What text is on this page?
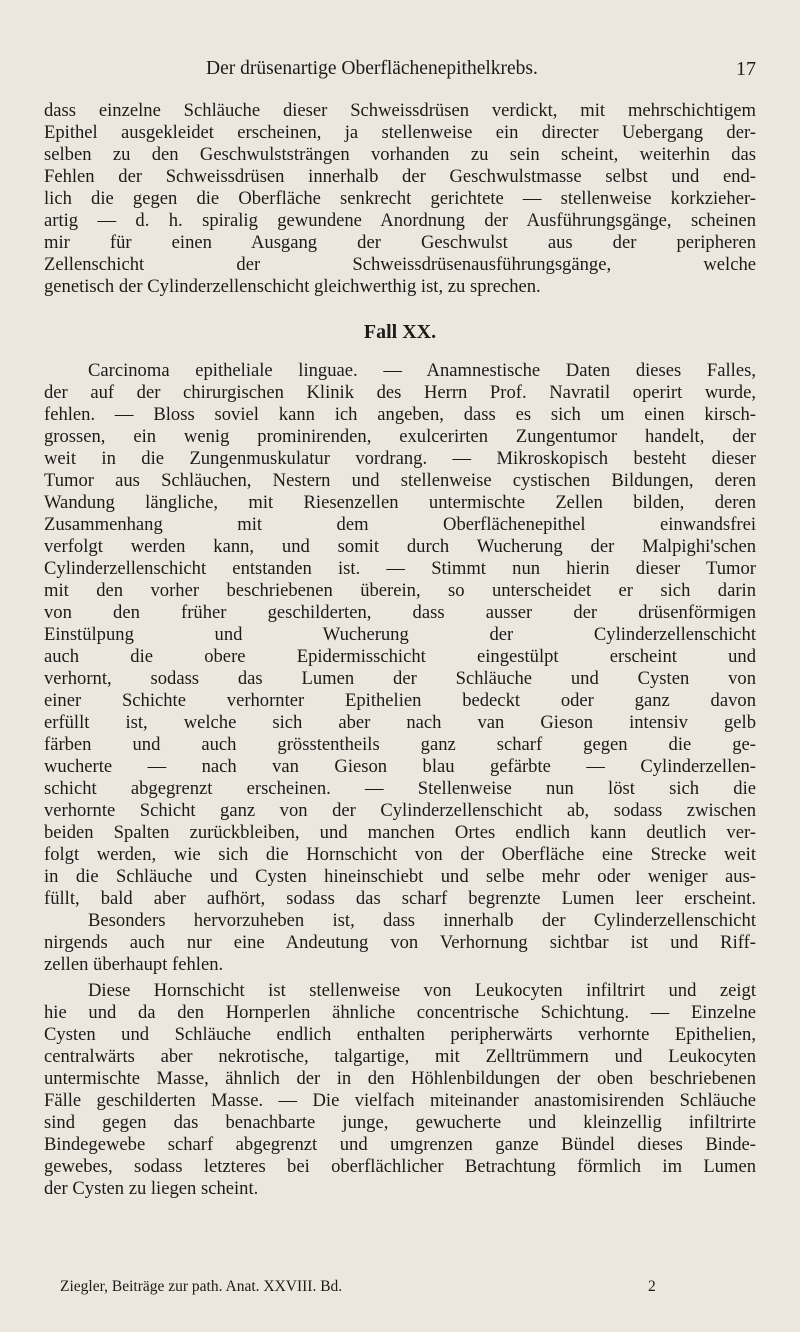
Der drüsenartige Oberflächenepithelkrebs.	17
dass einzelne Schläuche dieser Schweissdrüsen verdickt, mit mehrschichtigem
Epithel ausgekleidet erscheinen, ja stellenweise ein directer Uebergang der-
selben zu den Geschwulststrängen vorhanden zu sein scheint, weiterhin das
Fehlen der Schweissdrüsen innerhalb der Geschwulstmasse selbst und end-
lich die gegen die Oberfläche senkrecht gerichtete — stellenweise korkzieher-
artig — d. h. spiralig gewundene Anordnung der Ausführungsgänge, scheinen
mir für einen Ausgang der Geschwulst aus der peripheren
Zellenschicht der Schweissdrüsenausführungsgänge, welche
genetisch der Cylinderzellenschicht gleichwerthig ist, zu sprechen.
Fall XX.
Carcinoma epitheliale linguae. — Anamnestische Daten dieses Falles,
der auf der chirurgischen Klinik des Herrn Prof. Navratil operirt wurde,
fehlen. — Bloss soviel kann ich angeben, dass es sich um einen kirsch-
grossen, ein wenig prominirenden, exulcerirten Zungentumor handelt, der
weit in die Zungenmuskulatur vordrang. — Mikroskopisch besteht dieser
Tumor aus Schläuchen, Nestern und stellenweise cystischen Bildungen, deren
Wandung längliche, mit Riesenzellen untermischte Zellen bilden, deren
Zusammenhang mit dem Oberflächenepithel einwandsfrei
verfolgt werden kann, und somit durch Wucherung der Malpighi'schen
Cylinderzellenschicht entstanden ist. — Stimmt nun hierin dieser Tumor
mit den vorher beschriebenen überein, so unterscheidet er sich darin
von den früher geschilderten, dass ausser der drüsenförmigen
Einstülpung und Wucherung der Cylinderzellenschicht
auch die obere Epidermisschicht eingestülpt erscheint und
verhornt, sodass das Lumen der Schläuche und Cysten von
einer Schichte verhornter Epithelien bedeckt oder ganz davon
erfüllt ist, welche sich aber nach van Gieson intensiv gelb
färben und auch grösstentheils ganz scharf gegen die ge-
wucherte — nach van Gieson blau gefärbte — Cylinderzellen-
schicht abgegrenzt erscheinen. — Stellenweise nun löst sich die
verhornte Schicht ganz von der Cylinderzellenschicht ab, sodass zwischen
beiden Spalten zurückbleiben, und manchen Ortes endlich kann deutlich ver-
folgt werden, wie sich die Hornschicht von der Oberfläche eine Strecke weit
in die Schläuche und Cysten hineinschiebt und selbe mehr oder weniger aus-
füllt, bald aber aufhört, sodass das scharf begrenzte Lumen leer erscheint.
Besonders hervorzuheben ist, dass innerhalb der Cylinderzellenschicht
nirgends auch nur eine Andeutung von Verhornung sichtbar ist und Riff-
zellen überhaupt fehlen.
Diese Hornschicht ist stellenweise von Leukocyten infiltrirt und zeigt
hie und da den Hornperlen ähnliche concentrische Schichtung. — Einzelne
Cysten und Schläuche endlich enthalten peripherwärts verhornte Epithelien,
centralwärts aber nekrotische, talgartige, mit Zelltrümmern und Leukocyten
untermischte Masse, ähnlich der in den Höhlenbildungen der oben beschriebenen
Fälle geschilderten Masse. — Die vielfach miteinander anastomisirenden Schläuche
sind gegen das benachbarte junge, gewucherte und kleinzellig infiltrirte
Bindegewebe scharf abgegrenzt und umgrenzen ganze Bündel dieses Binde-
gewebes, sodass letzteres bei oberflächlicher Betrachtung förmlich im Lumen
der Cysten zu liegen scheint.
Ziegler, Beiträge zur path. Anat. XXVIII. Bd.	2
